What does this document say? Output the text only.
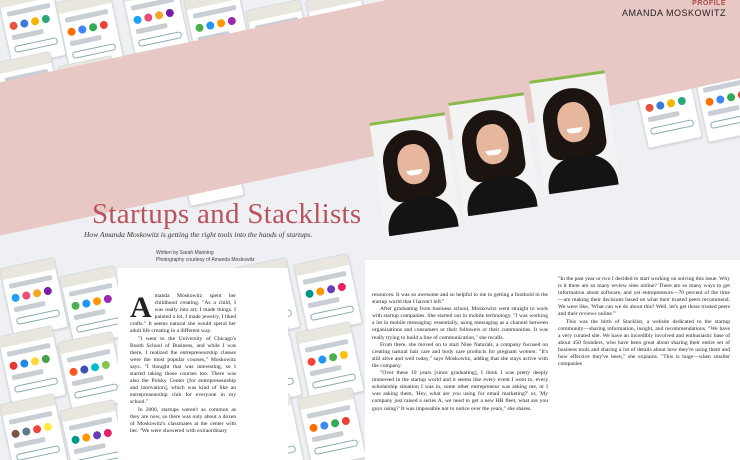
PROFILE
AMANDA MOSKOWITZ
Startups and Stacklists
How Amanda Moskowitz is getting the right tools into the hands of startups.
Written by Sarah Manning
Photography courtesy of Amanda Moskowitz
A manda Moskowitz spent her childhood creating. "As a child, I was really into art; I made things. I painted a lot, I made jewelry, I liked crafts." It seems natural she would spend her adult life creating in a different way.

"I went to the University of Chicago's Booth School of Business, and while I was there, I realized the entrepreneurship classes were the most popular courses," Moskowitz says. "I thought that was interesting, so I started taking those courses too. There was also the Polsky Center [for entrepreneurship and innovation], which was kind of like an entrepreneurship club for everyone in my school."

In 2006, startups weren't as common as they are now, so there was only about a dozen of Moskowitz's classmates at the center with her. "We were showered with extraordinary

resources. It was so awesome and so helpful to me in getting a foothold in the startup world that I haven't left."

After graduating from business school, Moskowitz went straight to work with startup companies. She started out in mobile technology. "I was working a lot in mobile messaging: essentially, using messaging as a channel between organizations and consumers or their followers or their communities. It was really trying to build a line of communication," she recalls.

From there, she moved on to start Nine Naturals, a company focused on creating natural hair care and body care products for pregnant women: "It's still alive and well today," says Moskowitz, adding that she stays active with the company.

"Over these 10 years [since graduating], I think I was pretty deeply immersed in the startup world and it seems like every event I went to, every scholarship situation I was in, some other entrepreneur was asking me, or I was asking them, 'Hey, what are you using for email marketing?' or, 'My company just raised a series A, we need to get a new HR fleet, what are you guys using?' It was impossible not to notice over the years," she shares.

"In the past year or two I decided to start working on solving this issue. Why is it there are so many review sites online? There are so many ways to get information about software, and yet entrepreneurs—70 percent of the time—are making their decisions based on what their trusted peers recommend. We were like, 'What can we do about this? Well, let's get those trusted peers and their reviews online.'"

This was the birth of Stacklist, a website dedicated to the startup community—sharing information, insight, and recommendations. "We have a very curated site. We have an incredibly involved and enthusiastic base of about 450 founders, who have been great about sharing their entire set of business tools and sharing a lot of details about how they're using them and how effective they've been," she explains. "This is huge—when smaller companies
